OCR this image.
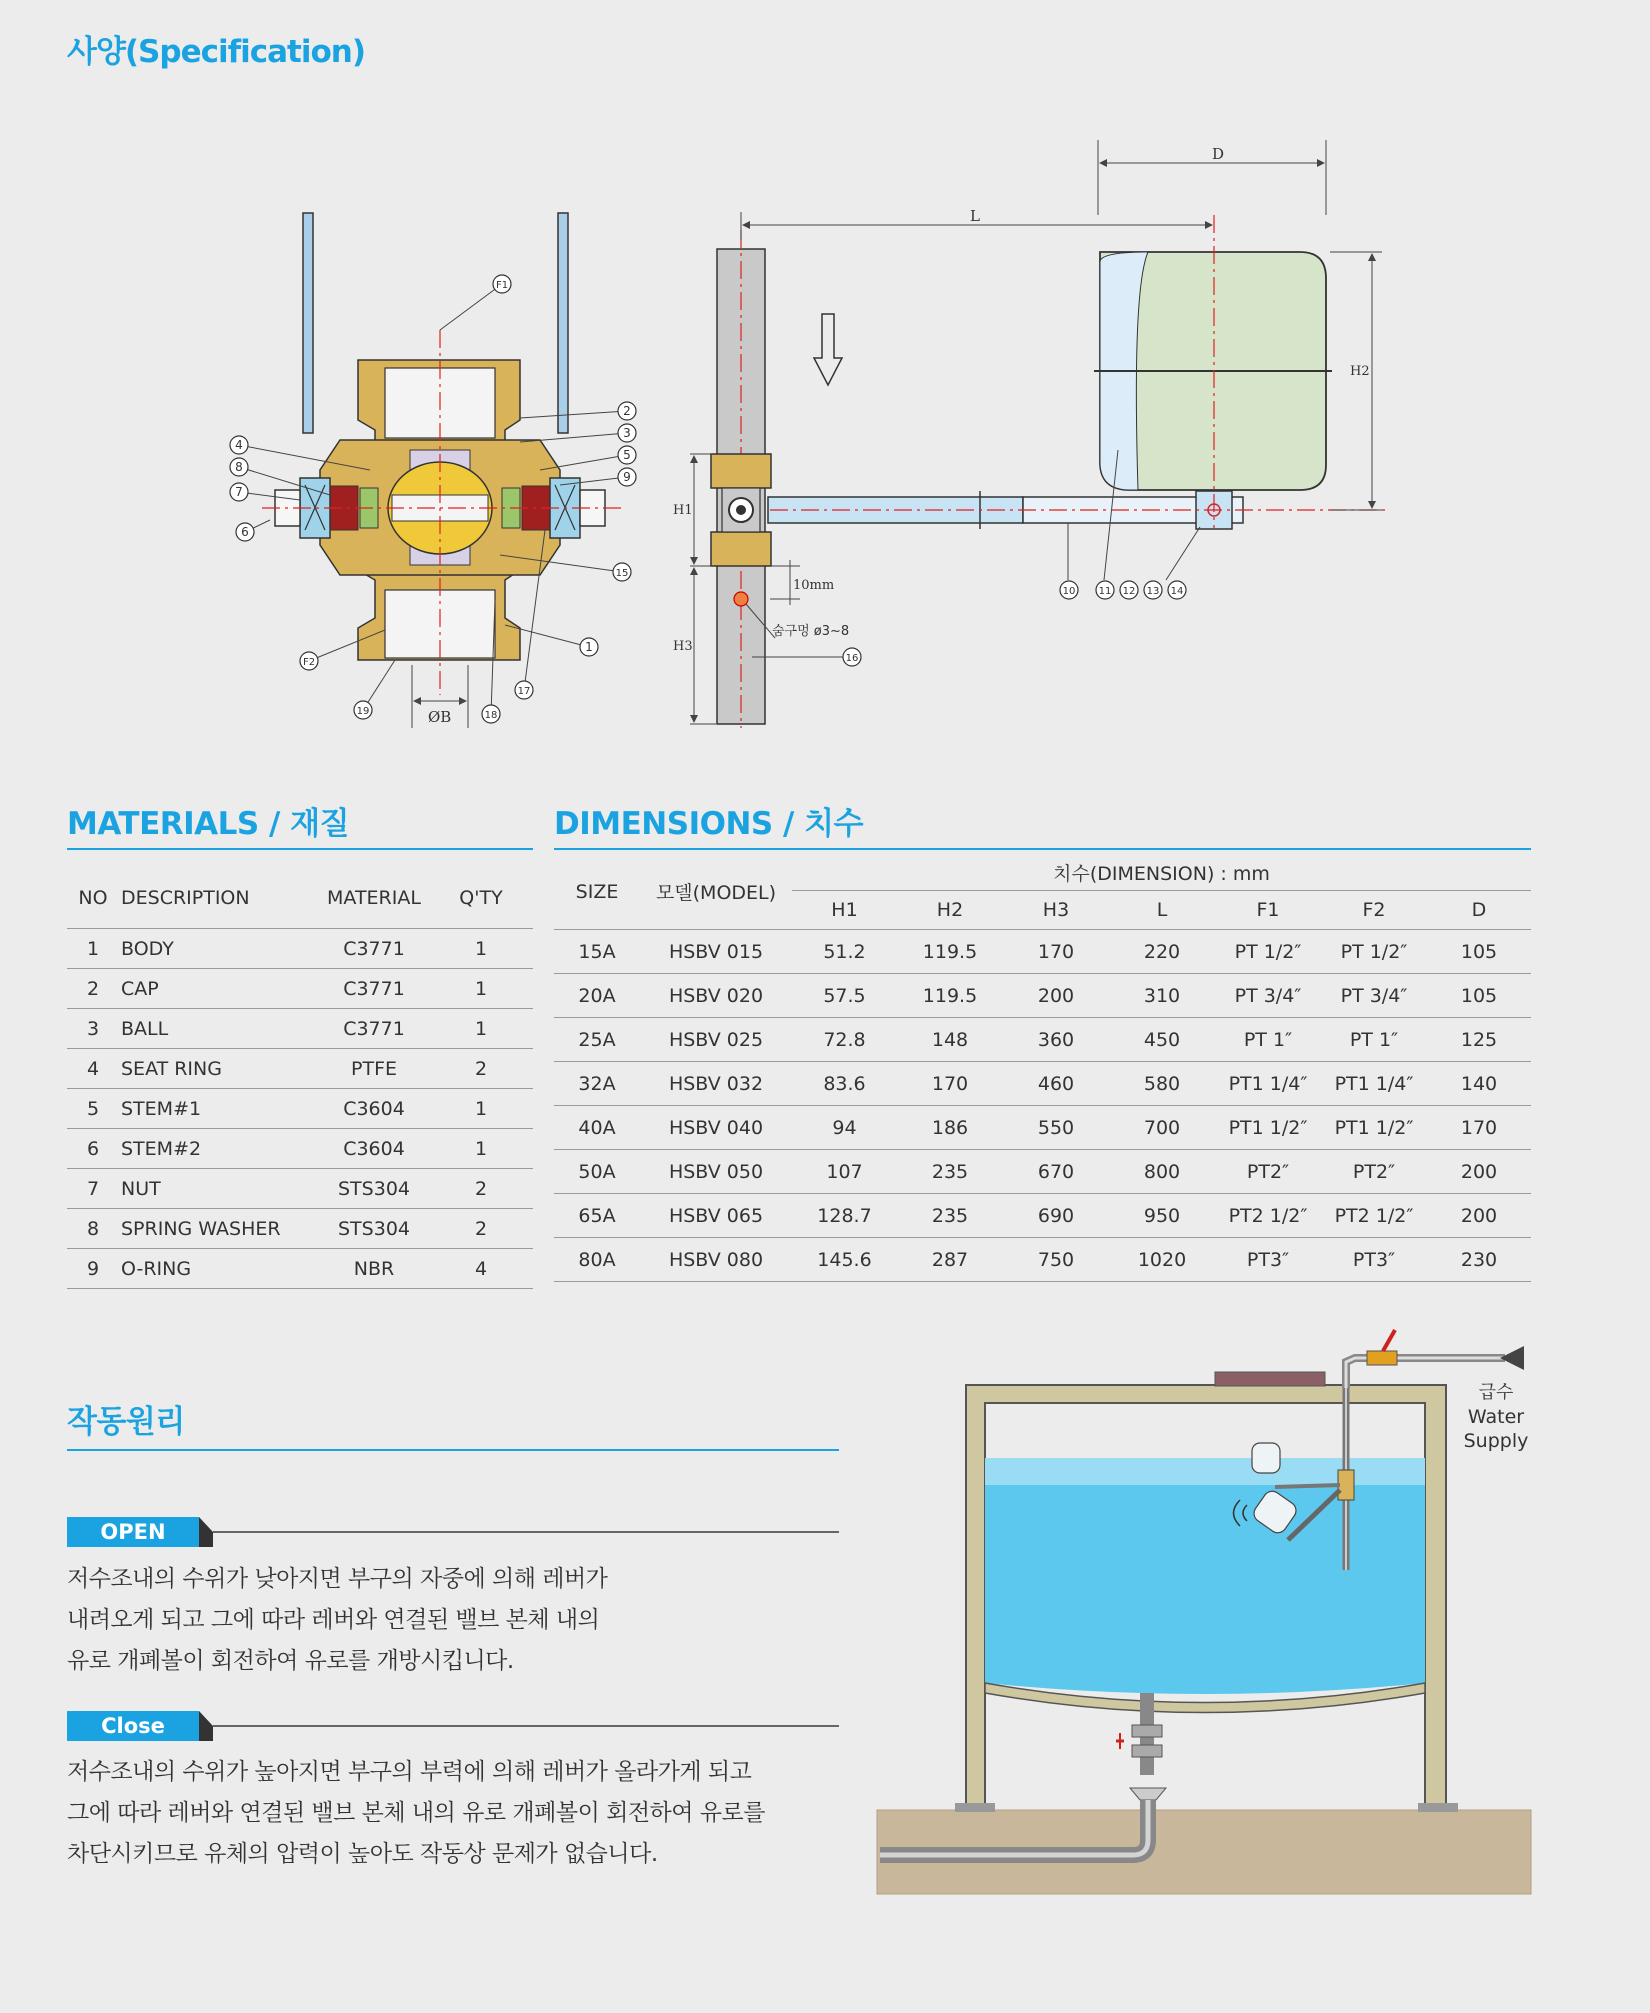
사양(Specification)
ØB
F1
2
3
5
9
4
8
7
6
15
1
17
18
19
F2
D
L
H2
H1
H3
10mm
숨구멍 ø3~8
10 11 12 13 14
16
MATERIALS / 재질
NO	DESCRIPTION	MATERIAL	Q'TY
1	BODY	C3771	1
2	CAP	C3771	1
3	BALL	C3771	1
4	SEAT RING	PTFE	2
5	STEM#1	C3604	1
6	STEM#2	C3604	1
7	NUT	STS304	2
8	SPRING WASHER	STS304	2
9	O-RING	NBR	4
DIMENSIONS / 치수
SIZE	모델(MODEL)	치수(DIMENSION) : mm						
		H1	H2	H3	L	F1	F2	D
15A	HSBV 015	51.2	119.5	170	220	PT 1/2″	PT 1/2″	105
20A	HSBV 020	57.5	119.5	200	310	PT 3/4″	PT 3/4″	105
25A	HSBV 025	72.8	148	360	450	PT 1″	PT 1″	125
32A	HSBV 032	83.6	170	460	580	PT1 1/4″	PT1 1/4″	140
40A	HSBV 040	94	186	550	700	PT1 1/2″	PT1 1/2″	170
50A	HSBV 050	107	235	670	800	PT2″	PT2″	200
65A	HSBV 065	128.7	235	690	950	PT2 1/2″	PT2 1/2″	200
80A	HSBV 080	145.6	287	750	1020	PT3″	PT3″	230
작동원리
OPEN
저수조내의 수위가 낮아지면 부구의 자중에 의해 레버가
내려오게 되고 그에 따라 레버와 연결된 밸브 본체 내의
유로 개폐볼이 회전하여 유로를 개방시킵니다.
Close
저수조내의 수위가 높아지면 부구의 부력에 의해 레버가 올라가게 되고
그에 따라 레버와 연결된 밸브 본체 내의 유로 개폐볼이 회전하여 유로를
차단시키므로 유체의 압력이 높아도 작동상 문제가 없습니다.
급수
Water
Supply
